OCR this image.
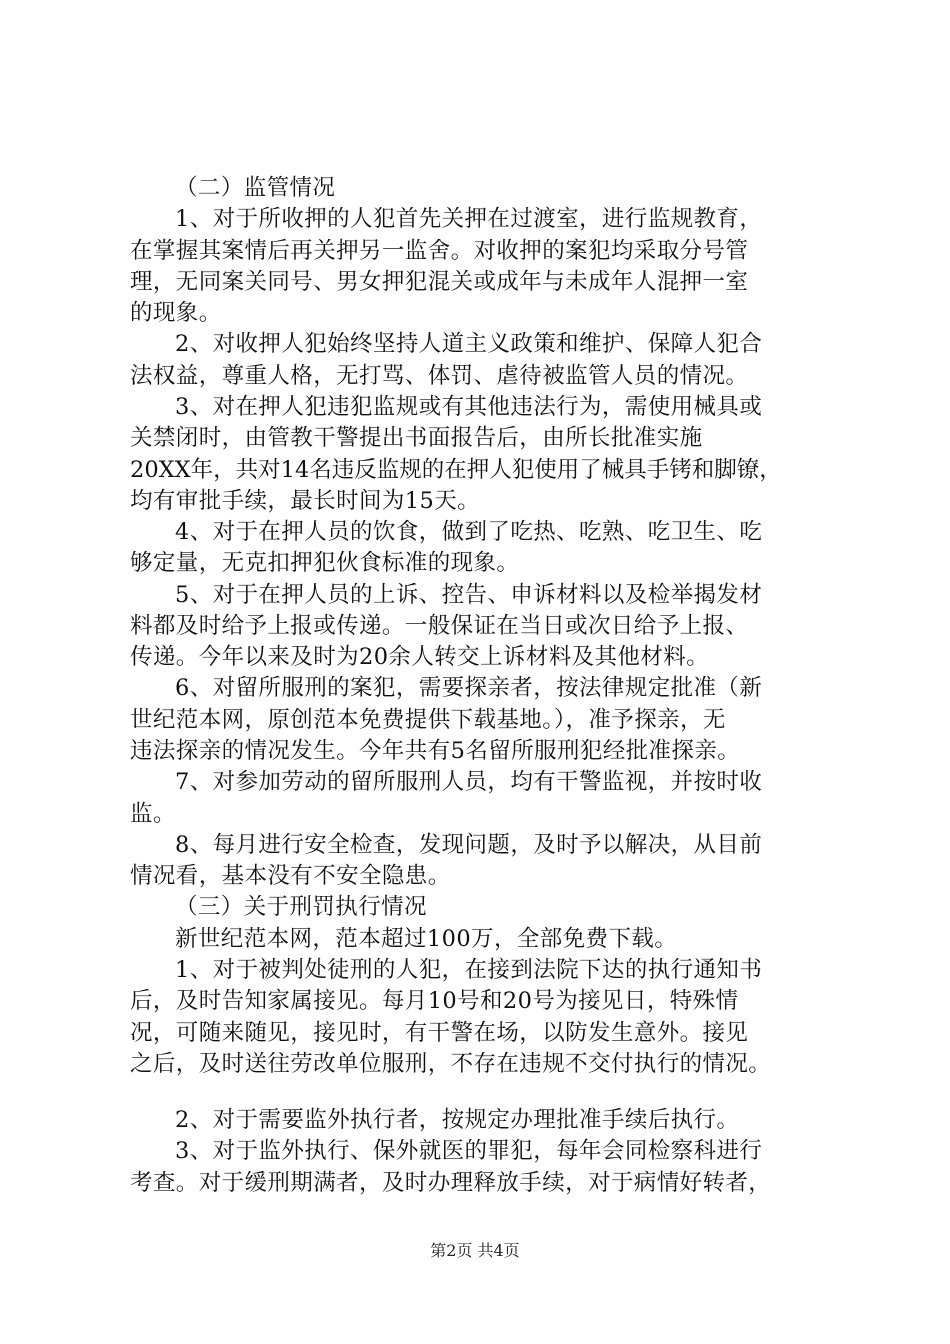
（二）监管情况
1、对于所收押的人犯首先关押在过渡室，进行监规教育，
在掌握其案情后再关押另一监舍。对收押的案犯均采取分号管
理，无同案关同号、男女押犯混关或成年与未成年人混押一室
的现象。
2、对收押人犯始终坚持人道主义政策和维护、保障人犯合
法权益，尊重人格，无打骂、体罚、虐待被监管人员的情况。
3、对在押人犯违犯监规或有其他违法行为，需使用械具或
关禁闭时，由管教干警提出书面报告后，由所长批准实施
20XX年，共对14名违反监规的在押人犯使用了械具手铐和脚镣，
均有审批手续，最长时间为15天。
4、对于在押人员的饮食，做到了吃热、吃熟、吃卫生、吃
够定量，无克扣押犯伙食标准的现象。
5、对于在押人员的上诉、控告、申诉材料以及检举揭发材
料都及时给予上报或传递。一般保证在当日或次日给予上报、
传递。今年以来及时为20余人转交上诉材料及其他材料。
6、对留所服刑的案犯，需要探亲者，按法律规定批准（新
世纪范本网，原创范本免费提供下载基地。），准予探亲，无
违法探亲的情况发生。今年共有5名留所服刑犯经批准探亲。
7、对参加劳动的留所服刑人员，均有干警监视，并按时收
监。
8、每月进行安全检查，发现问题，及时予以解决，从目前
情况看，基本没有不安全隐患。
（三）关于刑罚执行情况
新世纪范本网，范本超过100万，全部免费下载。
1、对于被判处徒刑的人犯，在接到法院下达的执行通知书
后，及时告知家属接见。每月10号和20号为接见日，特殊情
况，可随来随见，接见时，有干警在场，以防发生意外。接见
之后，及时送往劳改单位服刑，不存在违规不交付执行的情况。
2、对于需要监外执行者，按规定办理批准手续后执行。
3、对于监外执行、保外就医的罪犯，每年会同检察科进行
考查。对于缓刑期满者，及时办理释放手续，对于病情好转者，
第2页 共4页
